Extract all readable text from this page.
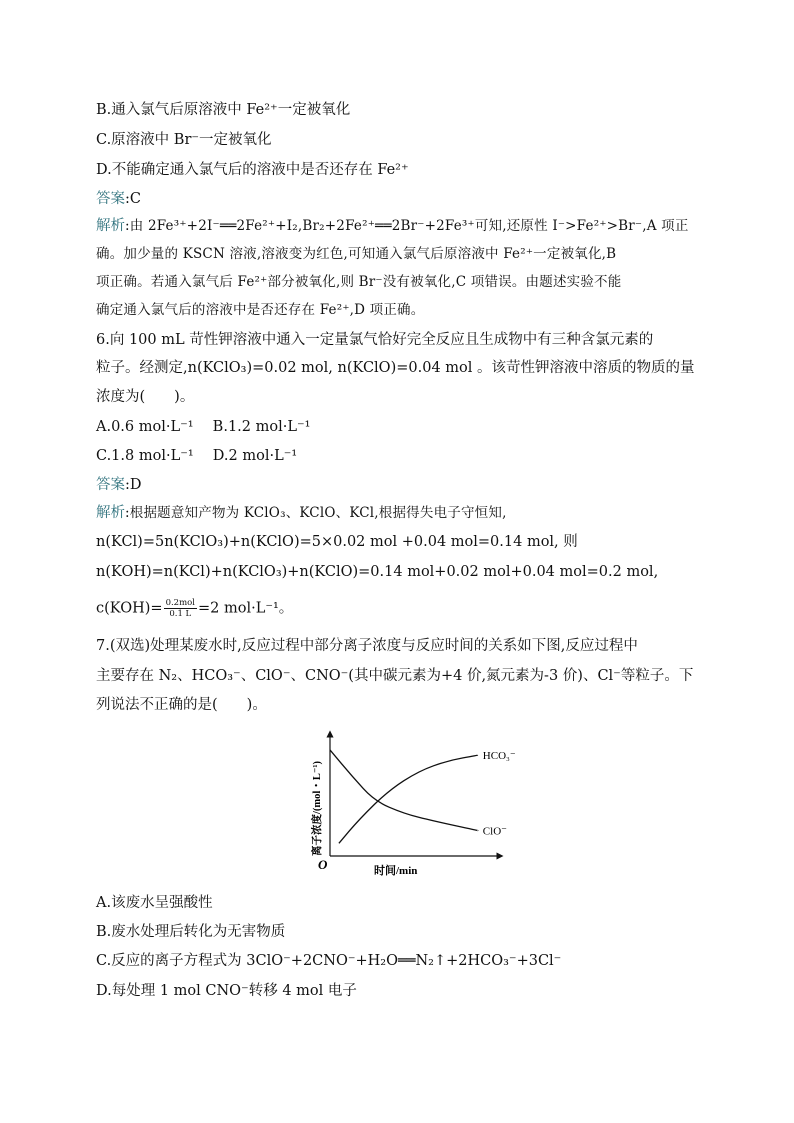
B.通入氯气后原溶液中 Fe²⁺一定被氧化
C.原溶液中 Br⁻一定被氧化
D.不能确定通入氯气后的溶液中是否还存在 Fe²⁺
答案:C
解析:由 2Fe³⁺+2I⁻══2Fe²⁺+I₂,Br₂+2Fe²⁺══2Br⁻+2Fe³⁺可知,还原性 I⁻>Fe²⁺>Br⁻,A 项正
确。加少量的 KSCN 溶液,溶液变为红色,可知通入氯气后原溶液中 Fe²⁺一定被氧化,B
项正确。若通入氯气后 Fe²⁺部分被氧化,则 Br⁻没有被氧化,C 项错误。由题述实验不能
确定通入氯气后的溶液中是否还存在 Fe²⁺,D 项正确。
6.向 100 mL 苛性钾溶液中通入一定量氯气恰好完全反应且生成物中有三种含氯元素的
粒子。经测定,n(KClO₃)=0.02 mol, n(KClO)=0.04 mol 。该苛性钾溶液中溶质的物质的量
浓度为(　　)。
A.0.6 mol·L⁻¹　 B.1.2 mol·L⁻¹
C.1.8 mol·L⁻¹　 D.2 mol·L⁻¹
答案:D
解析:根据题意知产物为 KClO₃、KClO、KCl,根据得失电子守恒知,
n(KCl)=5n(KClO₃)+n(KClO)=5×0.02 mol +0.04 mol=0.14 mol, 则
n(KOH)=n(KCl)+n(KClO₃)+n(KClO)=0.14 mol+0.02 mol+0.04 mol=0.2 mol,
$c(KOH)= \frac{\text{0.2mol}}{0.1 L} =2$ mol·L⁻¹。
7.(双选)处理某废水时,反应过程中部分离子浓度与反应时间的关系如下图,反应过程中
主要存在 N₂、HCO₃⁻、ClO⁻、CNO⁻(其中碳元素为+4 价,氮元素为-3 价)、Cl⁻等粒子。下
列说法不正确的是(　　)。
O	时间/min
离子浓度/(mol・L⁻¹)
HCO₃⁻
ClO⁻
A.该废水呈强酸性
B.废水处理后转化为无害物质
C.反应的离子方程式为 3ClO⁻+2CNO⁻+H₂O══N₂↑+2HCO₃⁻+3Cl⁻
D.每处理 1 mol CNO⁻转移 4 mol 电子
